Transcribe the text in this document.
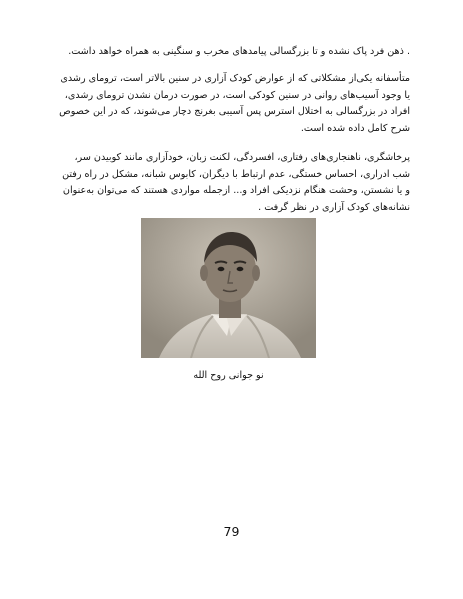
. ذهن فرد پاک نشده و تا بزرگسالی پیامدهای مخرب و سنگینی به همراه خواهد داشت.

متأسفانه یکی‌از مشکلاتی که از عوارض کودک آزاری در سنین بالاتر است، ترومای رشدی یا وجود آسیب‌های روانی در سنین کودکی است، در صورت درمان نشدن ترومای رشدی، افراد در بزرگسالی به اختلال استرس پس آسیبی بغرنج دچار می‌شوند، که در این خصوص شرح کامل داده شده است.

پرخاشگری، ناهنجاری‌های رفتاری، افسردگی، لکنت زبان، خودآزاری مانند کوبیدن سر، شب ادراری، احساس خستگی، عدم ارتباط با دیگران، کابوس شبانه، مشکل در راه رفتن و یا نشستن، وحشت هنگام نزدیکی افراد و... ازجمله مواردی هستند که می‌توان به‌عنوان نشانه‌های کودک آزاری در نظر گرفت .

نو جوانی روح الله
79
